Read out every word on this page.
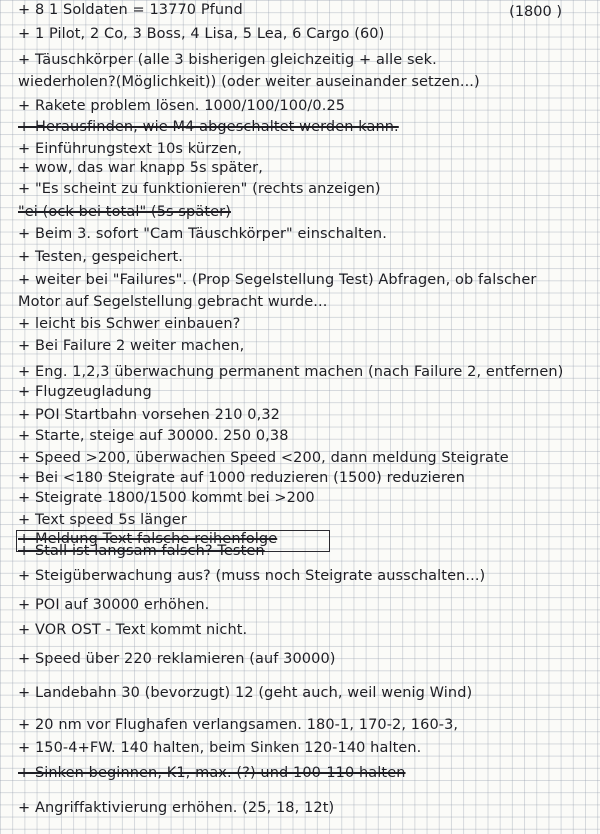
(1800 )
+ 8 1 Soldaten = 13770 Pfund
+ 1 Pilot, 2 Co, 3 Boss, 4 Lisa, 5 Lea, 6 Cargo (60)
+ Täuschkörper (alle 3 bisherigen gleichzeitig + alle sek.
wiederholen?(Möglichkeit)) (oder weiter auseinander setzen...)
+ Rakete problem lösen. 1000/100/100/0.25
+ Herausfinden, wie M4 abgeschaltet werden kann.
+ Einführungstext 10s kürzen,
+ wow, das war knapp 5s später,
+ "Es scheint zu funktionieren" (rechts anzeigen)
"ei (ock bei total" (5s später)
+ Beim 3. sofort "Cam Täuschkörper" einschalten.
+ Testen, gespeichert.
+ weiter bei "Failures". (Prop Segelstellung Test) Abfragen, ob falscher
Motor auf Segelstellung gebracht wurde...
+ leicht bis Schwer einbauen?
+ Bei Failure 2 weiter machen,
+ Eng. 1,2,3 überwachung permanent machen (nach Failure 2, entfernen)
+ Flugzeugladung
+ POI Startbahn vorsehen 210 0,32
+ Starte, steige auf 30000. 250 0,38
+ Speed >200, überwachen Speed <200, dann meldung Steigrate
+ Bei <180 Steigrate auf 1000 reduzieren (1500) reduzieren
+ Steigrate 1800/1500 kommt bei >200
+ Text speed 5s länger
+ Meldung Text falsche reihenfolge
+ Stall ist langsam falsch? Testen
+ Steigüberwachung aus? (muss noch Steigrate ausschalten...)
+ POI auf 30000 erhöhen.
+ VOR OST - Text kommt nicht.
+ Speed über 220 reklamieren (auf 30000)
+ Landebahn 30 (bevorzugt) 12 (geht auch, weil wenig Wind)
+ 20 nm vor Flughafen verlangsamen. 180-1, 170-2, 160-3,
+ 150-4+FW. 140 halten, beim Sinken 120-140 halten.
+ Sinken beginnen, K1, max. (?) und 100-110 halten
+ Angriffaktivierung erhöhen. (25, 18, 12t)
